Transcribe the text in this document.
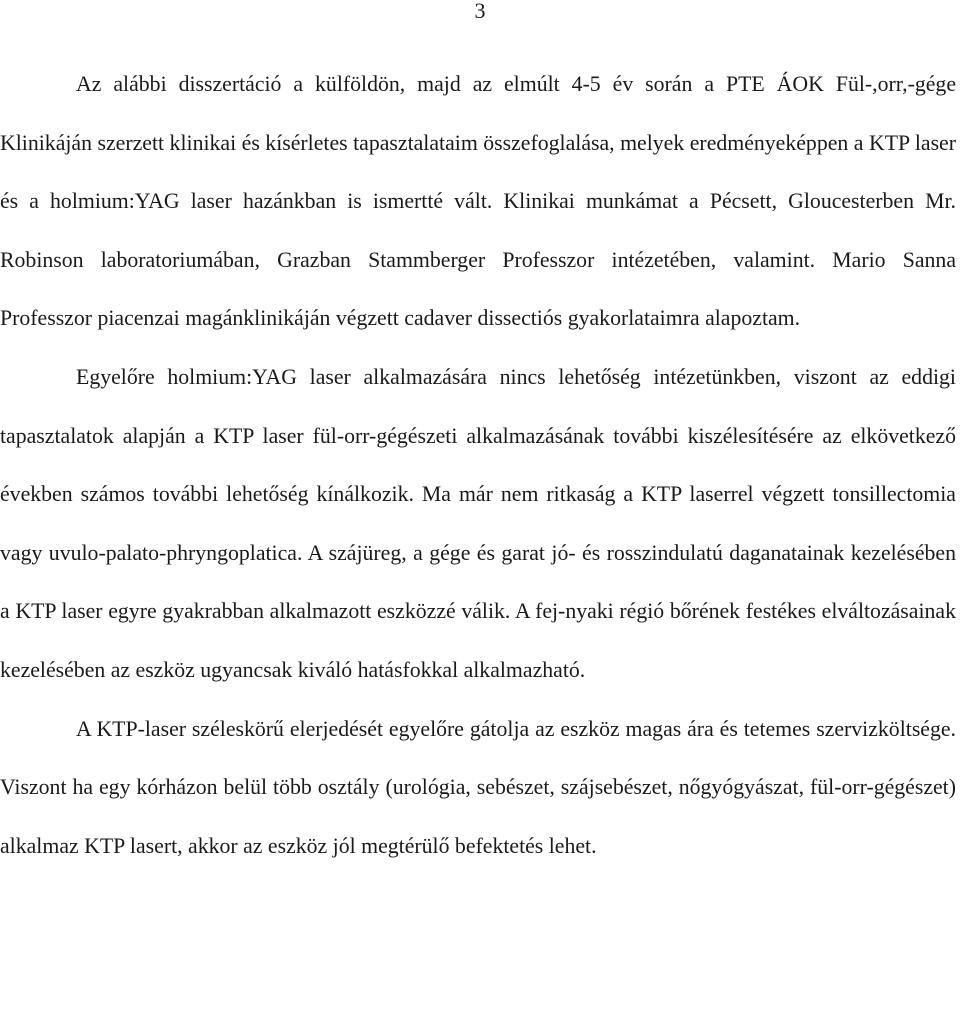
3

Az alábbi disszertáció a külföldön, majd az elmúlt 4-5 év során a PTE ÁOK Fül-,orr,-gége Klinikáján szerzett klinikai és kísérletes tapasztalataim összefoglalása, melyek eredményeképpen a KTP laser és a holmium:YAG laser hazánkban is ismertté vált. Klinikai munkámat a Pécsett, Gloucesterben Mr. Robinson laboratoriumában, Grazban Stammberger Professzor intézetében, valamint. Mario Sanna Professzor piacenzai magánklinikáján végzett cadaver dissectiós gyakorlataimra alapoztam.

Egyelőre holmium:YAG laser alkalmazására nincs lehetőség intézetünkben, viszont az eddigi tapasztalatok alapján a KTP laser fül-orr-gégészeti alkalmazásának további kiszélesítésére az elkövetkező években számos további lehetőség kínálkozik. Ma már nem ritkaság a KTP laserrel végzett tonsillectomia vagy uvulo-palato-phryngoplatica. A szájüreg, a gége és garat jó- és rosszindulatú daganatainak kezelésében a KTP laser egyre gyakrabban alkalmazott eszközzé válik. A fej-nyaki régió bőrének festékes elváltozásainak kezelésében az eszköz ugyancsak kiváló hatásfokkal alkalmazható.

A KTP-laser széleskörű elerjedését egyelőre gátolja az eszköz magas ára és tetemes szervizköltsége. Viszont ha egy kórházon belül több osztály (urológia, sebészet, szájsebészet, nőgyógyászat, fül-orr-gégészet) alkalmaz KTP lasert, akkor az eszköz jól megtérülő befektetés lehet.
